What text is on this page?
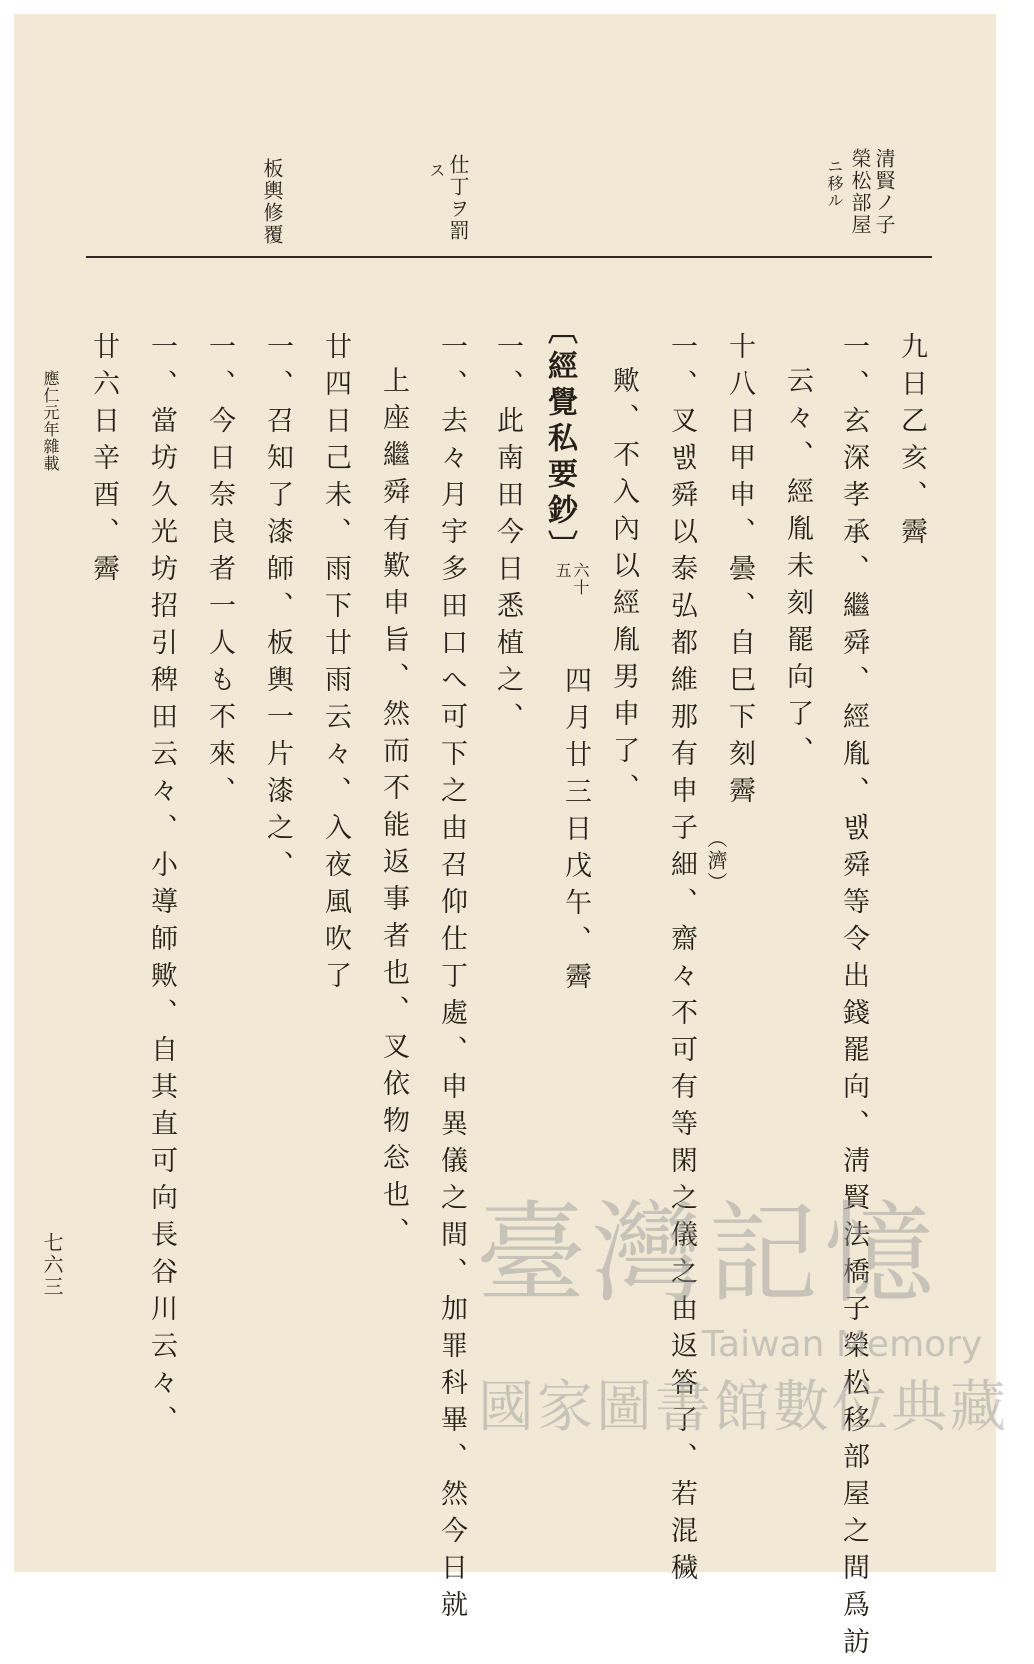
清賢ノ子
榮松部屋
ニ移ル
仕丁ヲ罰
ス
板輿修覆
九日乙亥、霽
一、玄深孝承、繼舜、經胤、밼舜等令出錢罷向、淸賢法橋子榮松移部屋之間爲訪
云々、經胤未刻罷向了、
十八日甲申、曇、自巳下刻霽
一、叉밼舜以泰弘都維那有申子細、齋々不可有等閑之儀之由返答了、若混穢 （濟）
歟、不入內以經胤男申了、
〔經覺私要鈔〕
六十
五
四月廿三日戊午、霽
一、此南田今日悉植之、
一、去々月宇多田口へ可下之由召仰仕丁處、申異儀之間、加罪科畢、然今日就
上座繼舜有歎申旨、然而不能返事者也、叉依物忩也、
廿四日己未、雨下廿雨云々、入夜風吹了
一、召知了漆師、板輿一片漆之、
一、今日奈良者一人も不來、
一、當坊久光坊招引稗田云々、小導師歟、自其直可向長谷川云々、
廿六日辛酉、霽
應仁元年雜載
七六三	臺灣記憶
Taiwan Memory
國家圖書館數位典藏
